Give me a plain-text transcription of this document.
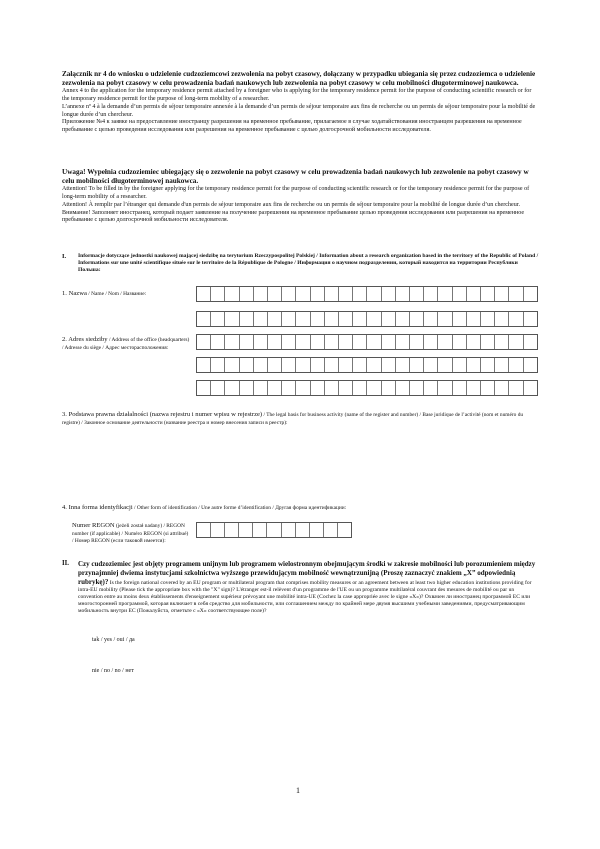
Załącznik nr 4 do wniosku o udzielenie cudzoziemcowi zezwolenia na pobyt czasowy, dołączany w przypadku ubiegania się przez cudzoziemca o udzielenie zezwolenia na pobyt czasowy w celu prowadzenia badań naukowych lub zezwolenia na pobyt czasowy w celu mobilności długoterminowej naukowca.

Annex 4 to the application for the temporary residence permit attached by a foreigner who is applying for the temporary residence permit for the purpose of conducting scientific research or for the temporary residence permit for the purpose of long-term mobility of a researcher.

L’annexe nº 4 à la demande d’un permis de séjour temporaire annexée à la demande d’un permis de séjour temporaire aux fins de recherche ou un permis de séjour temporaire pour la mobilité de longue durée d’un chercheur.

Приложение №4 к заявке на предоставление иностранцу разрешения на временное пребывание, прилагаемое в случае ходатайствования иностранцем разрешения на временное пребывание с целью проведения исследования или разрешения на временное пребывание с целью долгосрочной мобильности исследователя.

Uwaga! Wypełnia cudzoziemiec ubiegający się o zezwolenie na pobyt czasowy w celu prowadzenia badań naukowych lub zezwolenie na pobyt czasowy w celu mobilności długoterminowej naukowca.

Attention! To be filled in by the foreigner applying for the temporary residence permit for the purpose of conducting scientific research or for the temporary residence permit for the purpose of long-term mobility of a researcher.

Attention! À remplir par l’étranger qui demande d'un permis de séjour temporaire aux fins de recherche ou un permis de séjour temporaire pour la mobilité de longue durée d’un chercheur.

Внимание! Заполняет иностранец, который подает заявление на получение разрешения на временное пребывание целью проведения исследования или разрешения на временное пребывание с целью долгосрочной мобильности исследователя.

I. Informacje dotyczące jednostki naukowej mającej siedzibę na terytorium Rzeczypospolitej Polskiej / Information about a research organization based in the territory of the Republic of Poland / Informations sur une unité scientifique située sur le territoire de la République de Pologne / Информация о научном подразделении, который находится на территории Республики Польша:

1. Nazwa / Name / Nom / Название:
2. Adres siedziby / Address of the office (headquarters) / Adresse du siège / Адрес месторасположения:
3. Podstawa prawna działalności (nazwa rejestru i numer wpisu w rejestrze) / The legal basis for business activity (name of the register and number) / Base juridique de l’activité (nom et numéro du registre) / Законное основание деятельности (название реестра и номер внесения записи в реестр):
4. Inna forma identyfikacji / Other form of identification / Une autre forme d’identification / Другая форма идентификации:
Numer REGON (jeżeli został nadany) / REGON number (if applicable) / Numéro REGON (si attribué) / Номер REGON (если таковой имеется):
II. Czy cudzoziemiec jest objęty programem unijnym lub programem wielostronnym obejmującym środki w zakresie mobilności lub porozumieniem między przynajmniej dwiema instytucjami szkolnictwa wyższego przewidującym mobilność wewnątrzunijną (Proszę zaznaczyć znakiem „X” odpowiednią rubrykę)? Is the foreign national covered by an EU program or multilateral program that comprises mobility measures or an agreement between at least two higher education institutions providing for intra-EU mobility (Please tick the appropriate box with the "X" sign)? L'étranger est-il relèvent d'un programme de l'UE ou un programme multilatéral couvrant des mesures de mobilité ou par un convention entre au moins deux établissements d'enseignement supérieur prévoyant une mobilité intra-UE (Cochez la case appropriée avec le signe «X»)? Охвачен ли иностранец программой ЕС или многосторонней программой, которая включает в себя средство для мобильности, или соглашением между по крайней мере двумя высшими учебными заведениями, предусматривающим мобильность внутри ЕС (Пожалуйста, отметьте с «X» соответствующее поле)?

tak / yes / oui / да
nie / no / no / нет
1
